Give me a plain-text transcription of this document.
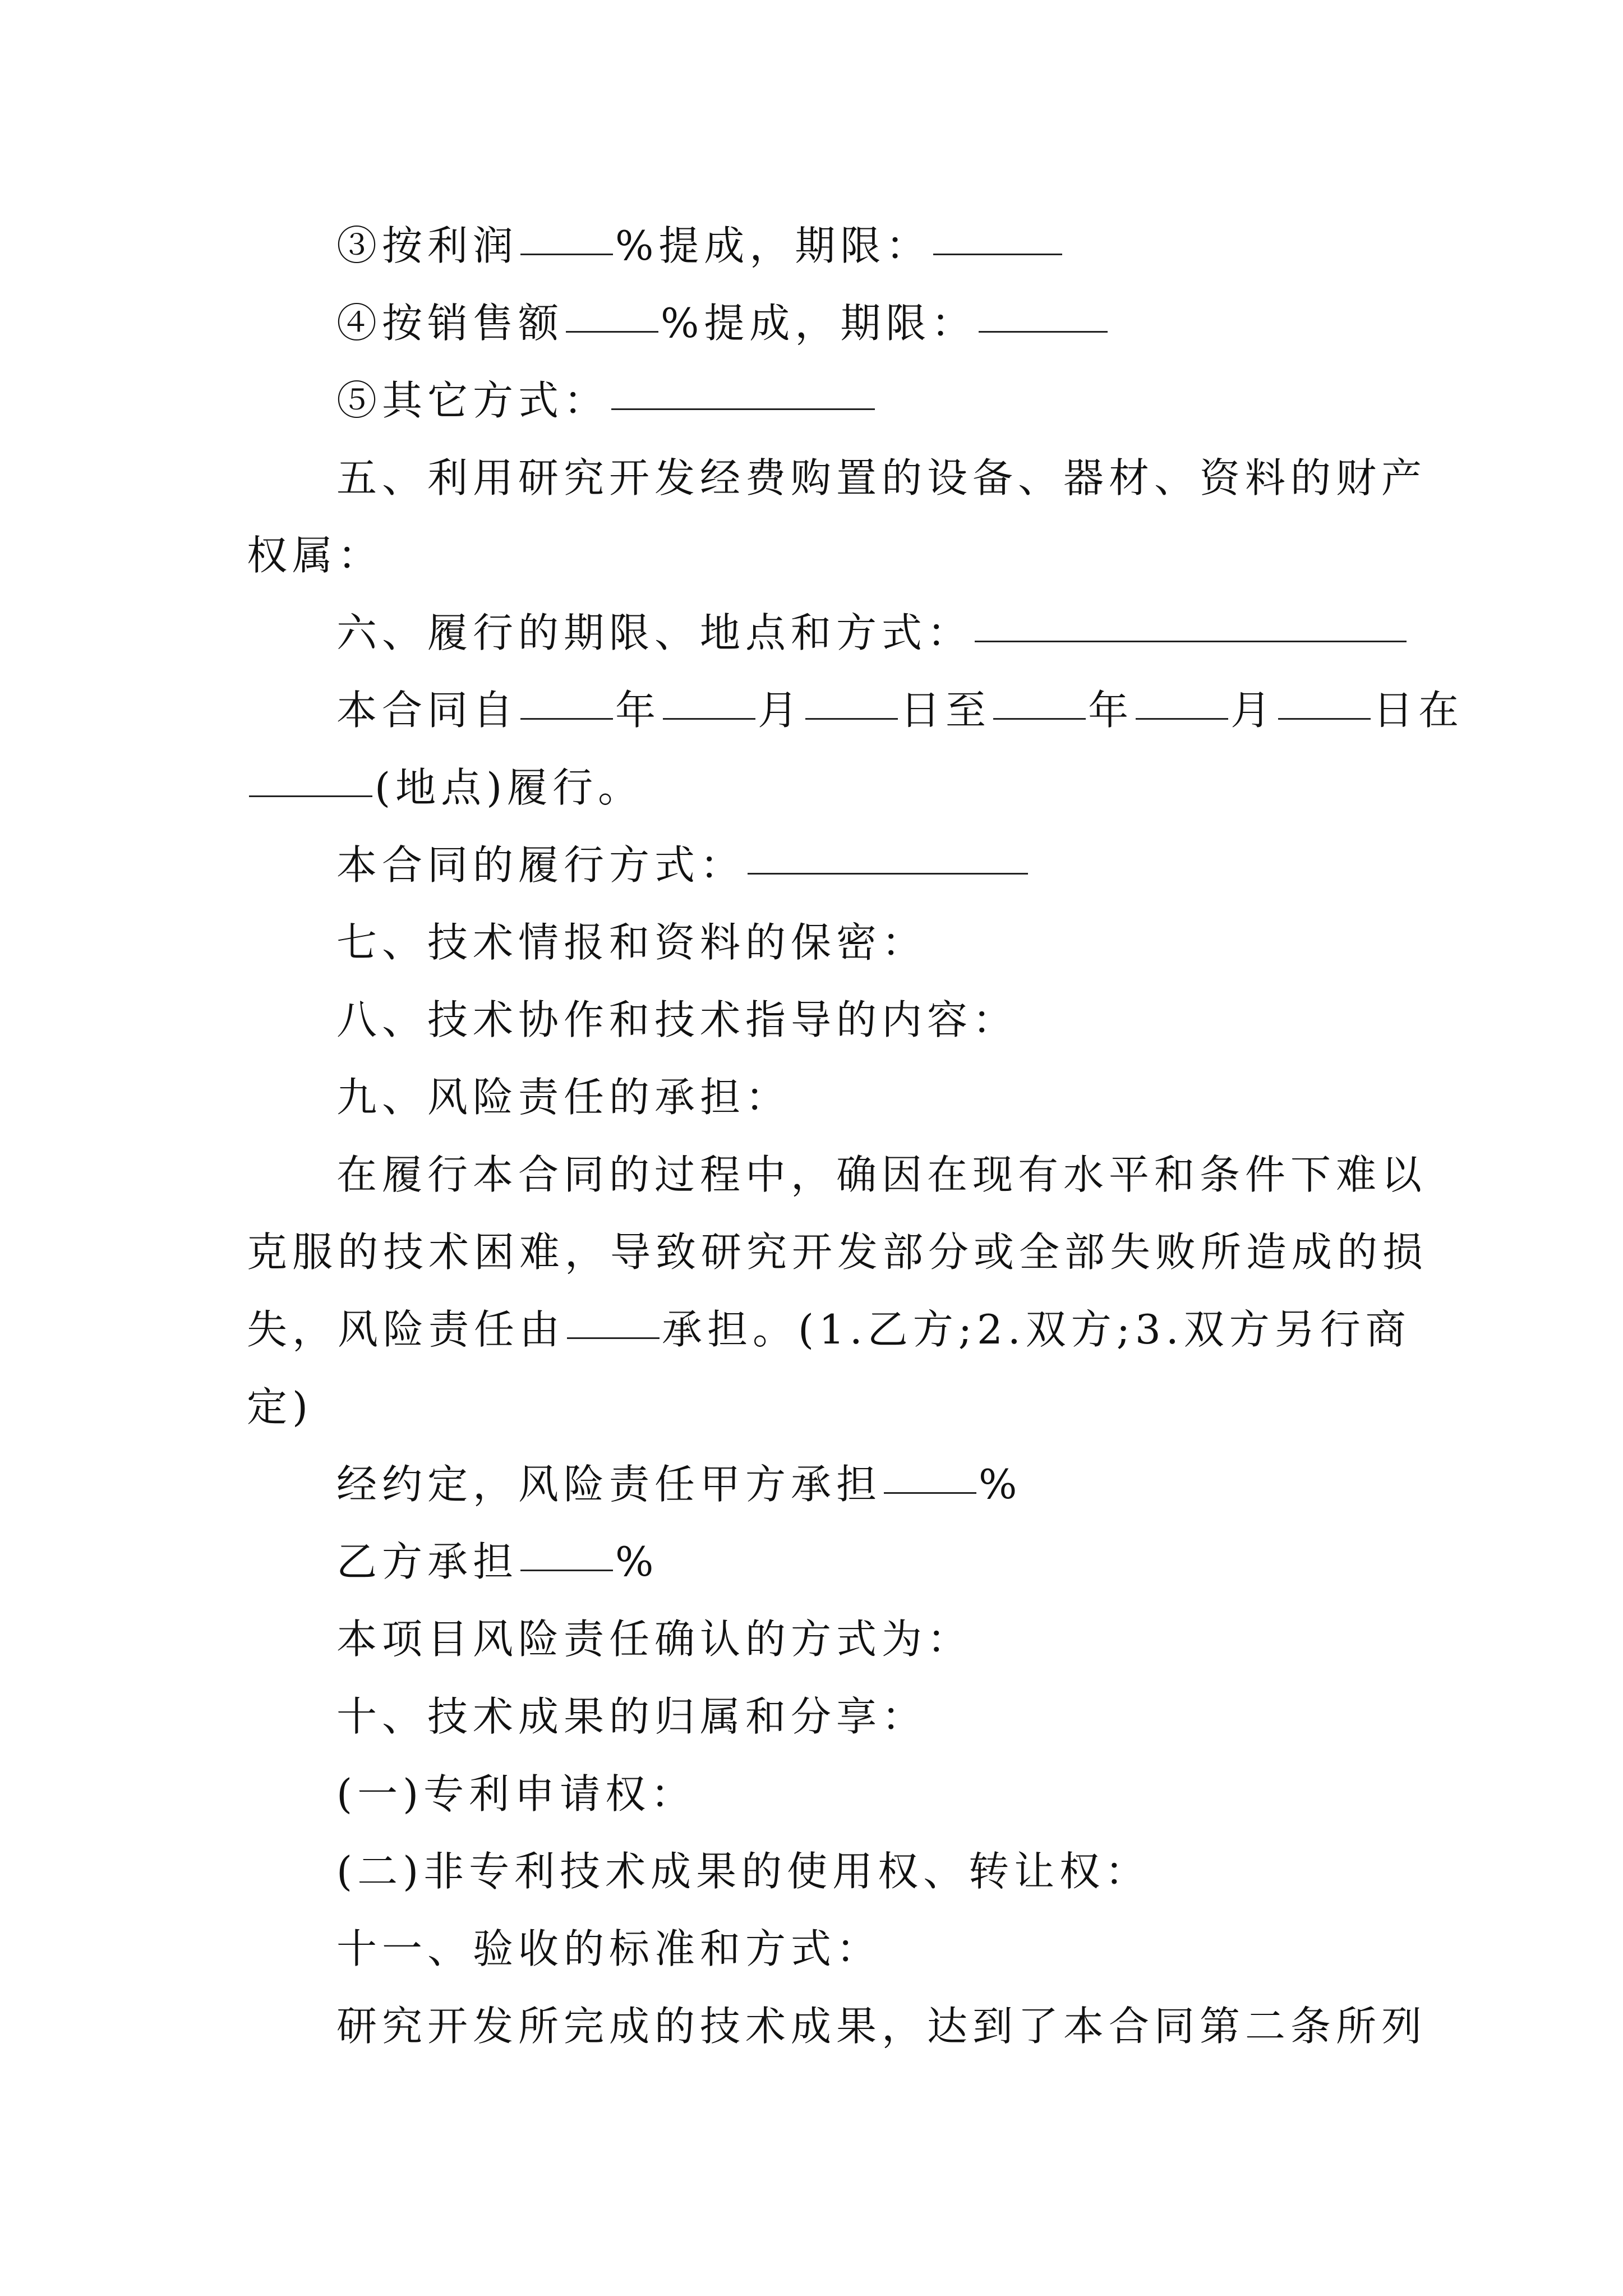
③按利润 %提成，期限：
④按销售额 %提成，期限：
⑤其它方式：
五、利用研究开发经费购置的设备、器材、资料的财产
权属：
六、履行的期限、地点和方式：
本合同自 年 月 日至 年 月 日在
(地点)履行。
本合同的履行方式：
七、技术情报和资料的保密：
八、技术协作和技术指导的内容：
九、风险责任的承担：
在履行本合同的过程中，确因在现有水平和条件下难以
克服的技术困难，导致研究开发部分或全部失败所造成的损
失，风险责任由 承担。(1.乙方;2.双方;3.双方另行商
定)
经约定，风险责任甲方承担 %
乙方承担 %
本项目风险责任确认的方式为：
十、技术成果的归属和分享：
(一)专利申请权：
(二)非专利技术成果的使用权、转让权：
十一、验收的标准和方式：
研究开发所完成的技术成果，达到了本合同第二条所列
